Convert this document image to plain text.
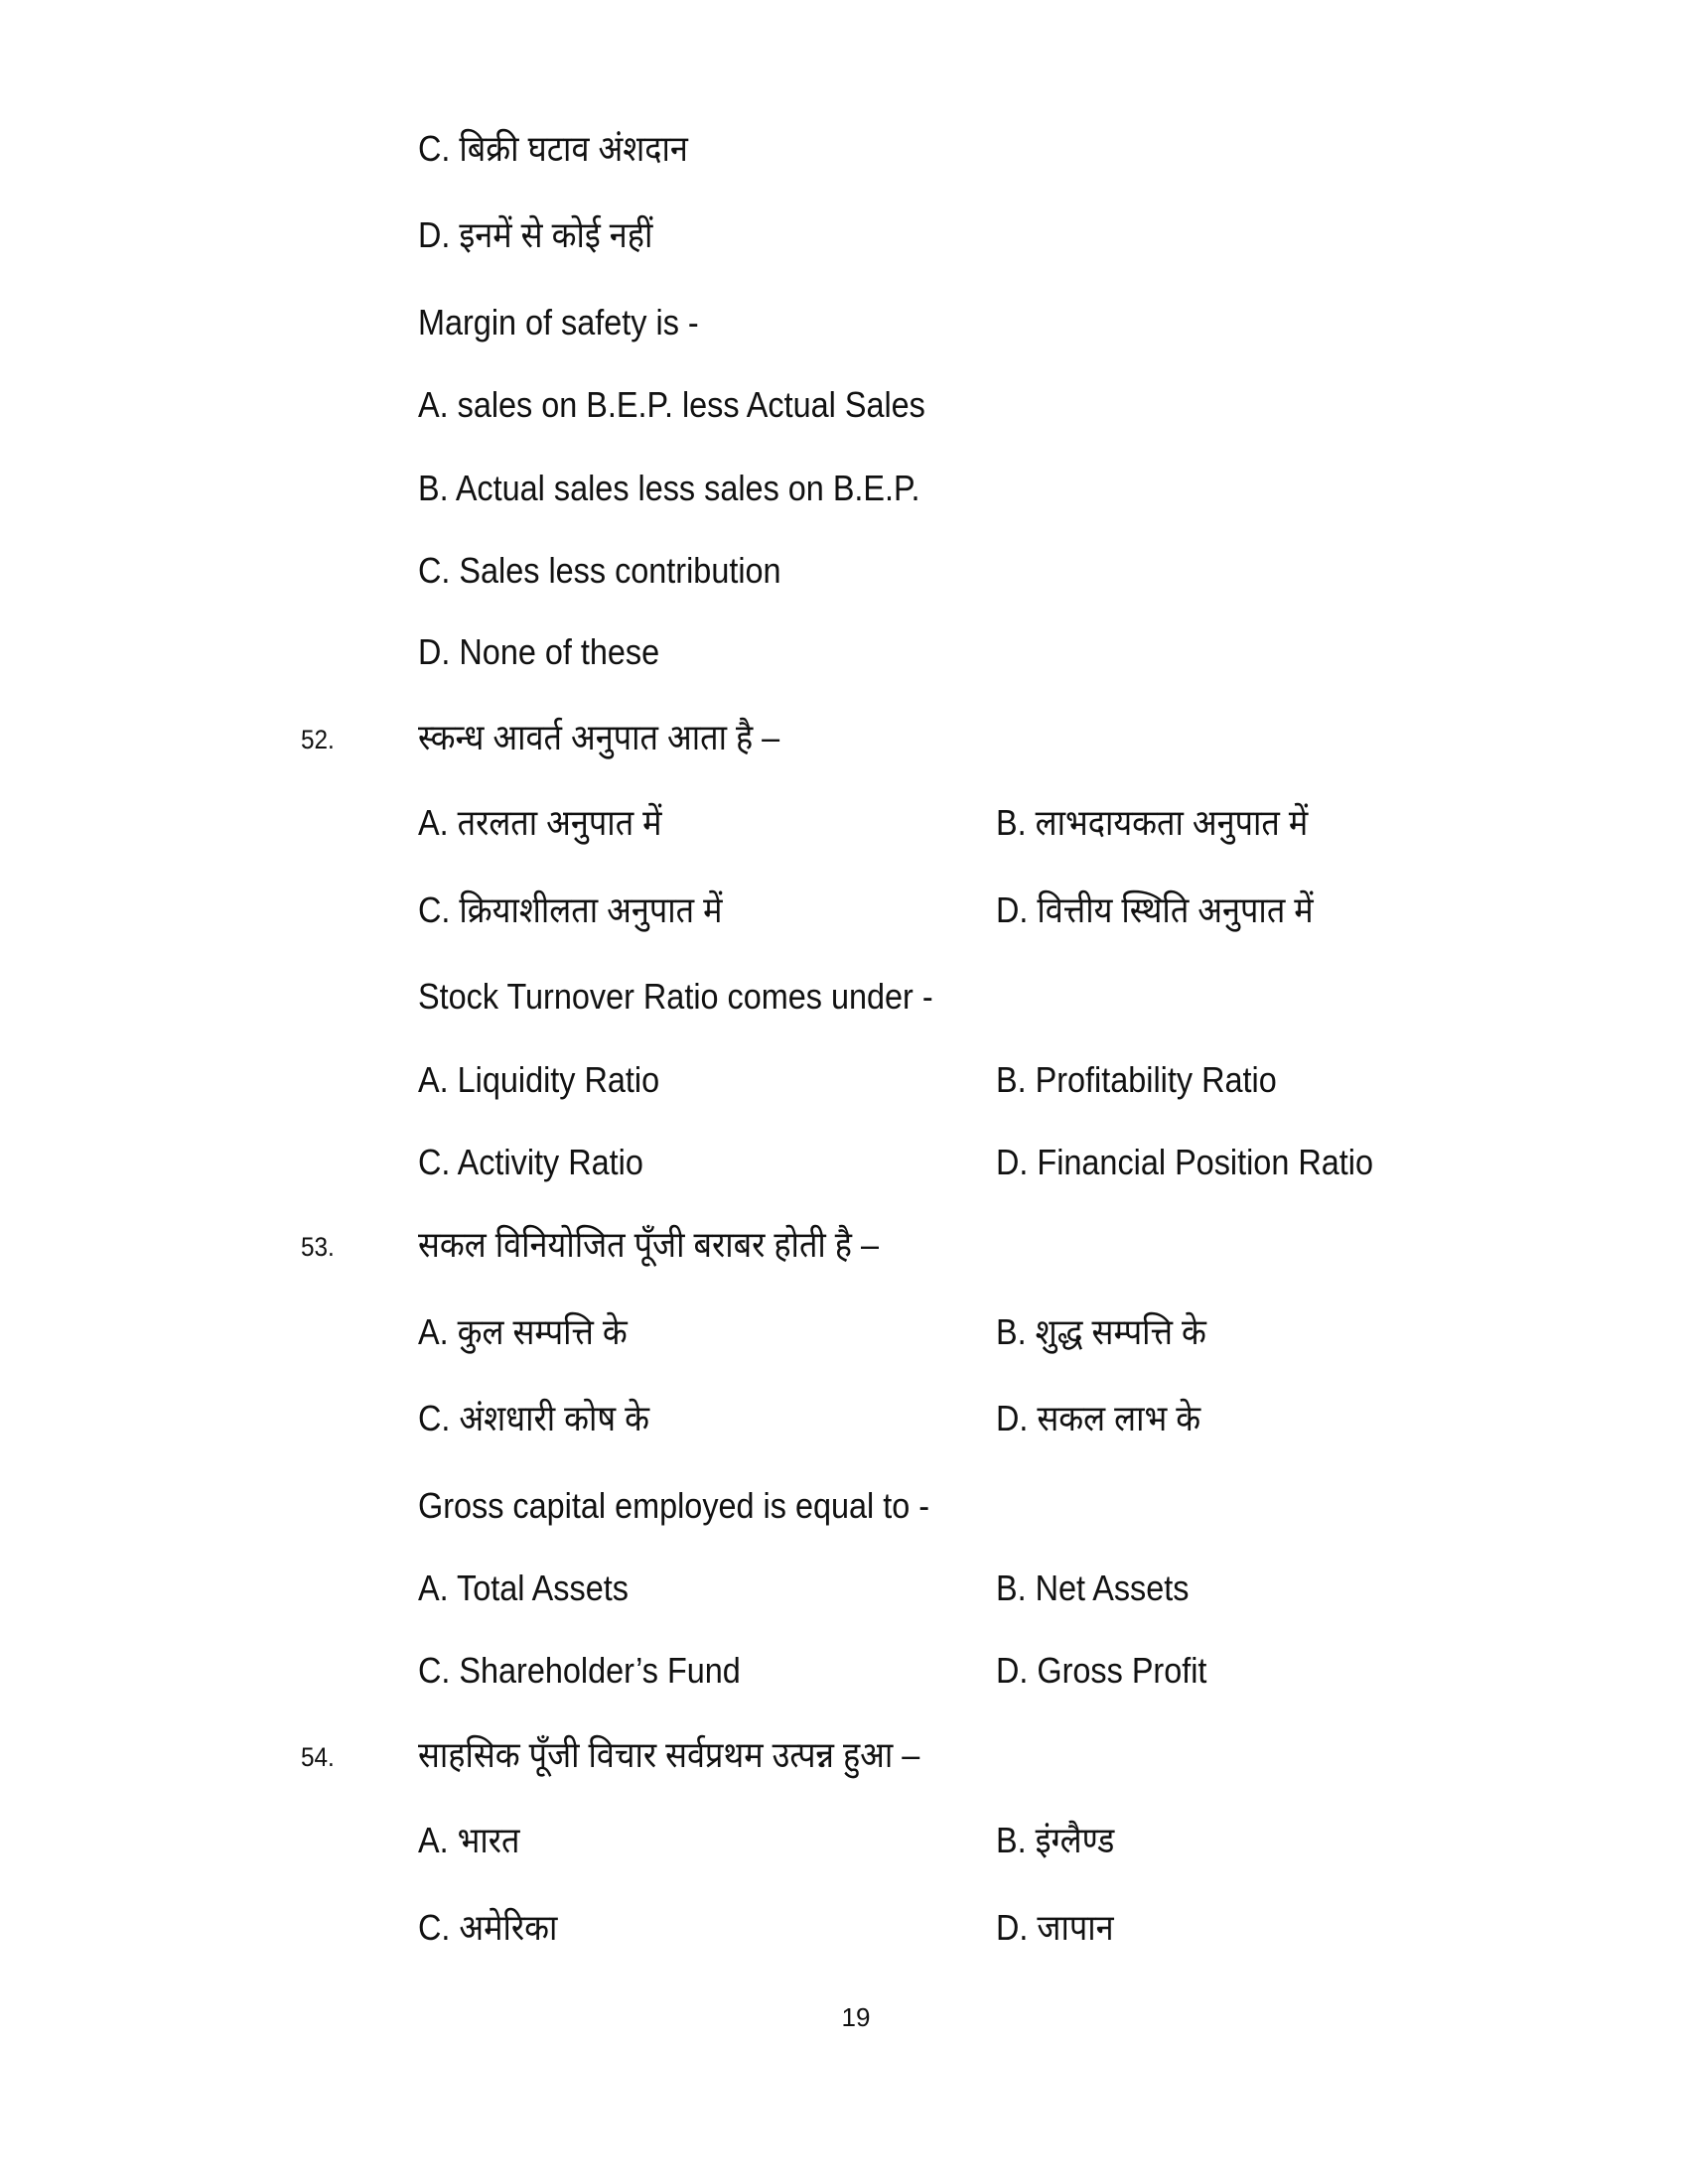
C. बिक्री घटाव अंशदान
D. इनमें से कोई नहीं
Margin of safety is -
A. sales on B.E.P. less Actual Sales
B. Actual sales less sales on B.E.P.
C. Sales less contribution
D. None of these
52. स्कन्ध आवर्त अनुपात आता है –
A. तरलता अनुपात में	B. लाभदायकता अनुपात में
C. क्रियाशीलता अनुपात में	D. वित्तीय स्थिति अनुपात में
Stock Turnover Ratio comes under -
A. Liquidity Ratio	B. Profitability Ratio
C. Activity Ratio	D. Financial Position Ratio
53. सकल विनियोजित पूँजी बराबर होती है –
A. कुल सम्पत्ति के	B. शुद्ध सम्पत्ति के
C. अंशधारी कोष के	D. सकल लाभ के
Gross capital employed is equal to -
A. Total Assets	B. Net Assets
C. Shareholder’s Fund	D. Gross Profit
54. साहसिक पूँजी विचार सर्वप्रथम उत्पन्न हुआ –
A. भारत	B. इंग्लैण्ड
C. अमेरिका	D. जापान
19
